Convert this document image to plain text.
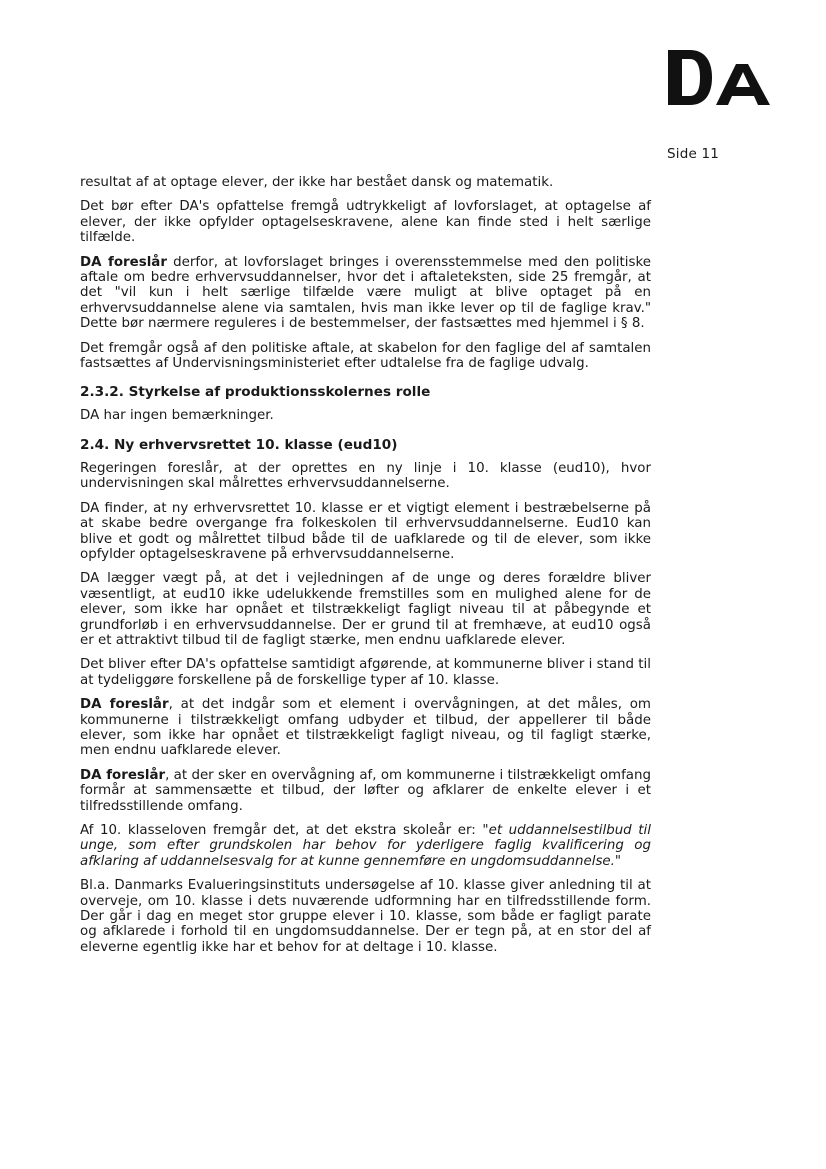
Side 11

resultat af at optage elever, der ikke har bestået dansk og matematik.

Det bør efter DA's opfattelse fremgå udtrykkeligt af lovforslaget, at optagelse af elever, der ikke opfylder optagelseskravene, alene kan finde sted i helt særlige tilfælde.

DA foreslår derfor, at lovforslaget bringes i overensstemmelse med den politiske aftale om bedre erhvervsuddannelser, hvor det i aftaleteksten, side 25 fremgår, at det "vil kun i helt særlige tilfælde være muligt at blive optaget på en erhvervsuddannelse alene via samtalen, hvis man ikke lever op til de faglige krav." Dette bør nærmere reguleres i de bestemmelser, der fastsættes med hjemmel i § 8.

Det fremgår også af den politiske aftale, at skabelon for den faglige del af samtalen fastsættes af Undervisningsministeriet efter udtalelse fra de faglige udvalg.

2.3.2. Styrkelse af produktionsskolernes rolle

DA har ingen bemærkninger.

2.4. Ny erhvervsrettet 10. klasse (eud10)

Regeringen foreslår, at der oprettes en ny linje i 10. klasse (eud10), hvor undervisningen skal målrettes erhvervsuddannelserne.

DA finder, at ny erhvervsrettet 10. klasse er et vigtigt element i bestræbelserne på at skabe bedre overgange fra folkeskolen til erhvervsuddannelserne. Eud10 kan blive et godt og målrettet tilbud både til de uafklarede og til de elever, som ikke opfylder optagelseskravene på erhvervsuddannelserne.

DA lægger vægt på, at det i vejledningen af de unge og deres forældre bliver væsentligt, at eud10 ikke udelukkende fremstilles som en mulighed alene for de elever, som ikke har opnået et tilstrækkeligt fagligt niveau til at påbegynde et grundforløb i en erhvervsuddannelse. Der er grund til at fremhæve, at eud10 også er et attraktivt tilbud til de fagligt stærke, men endnu uafklarede elever.

Det bliver efter DA's opfattelse samtidigt afgørende, at kommunerne bliver i stand til at tydeliggøre forskellene på de forskellige typer af 10. klasse.

DA foreslår, at det indgår som et element i overvågningen, at det måles, om kommunerne i tilstrækkeligt omfang udbyder et tilbud, der appellerer til både elever, som ikke har opnået et tilstrækkeligt fagligt niveau, og til fagligt stærke, men endnu uafklarede elever.

DA foreslår, at der sker en overvågning af, om kommunerne i tilstrækkeligt omfang formår at sammensætte et tilbud, der løfter og afklarer de enkelte elever i et tilfredsstillende omfang.

Af 10. klasseloven fremgår det, at det ekstra skoleår er: "et uddannelsestilbud til unge, som efter grundskolen har behov for yderligere faglig kvalificering og afklaring af uddannelsesvalg for at kunne gennemføre en ungdomsuddannelse."

Bl.a. Danmarks Evalueringsinstituts undersøgelse af 10. klasse giver anledning til at overveje, om 10. klasse i dets nuværende udformning har en tilfredsstillende form. Der går i dag en meget stor gruppe elever i 10. klasse, som både er fagligt parate og afklarede i forhold til en ungdomsuddannelse. Der er tegn på, at en stor del af eleverne egentlig ikke har et behov for at deltage i 10. klasse.
